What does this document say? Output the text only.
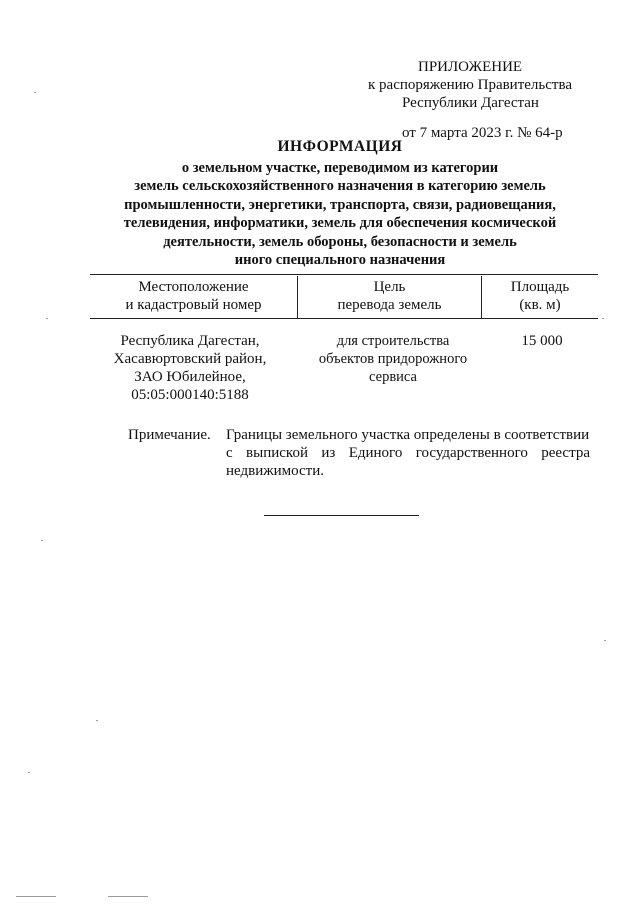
ПРИЛОЖЕНИЕ
к распоряжению Правительства
Республики Дагестан
от 7 марта 2023 г. № 64-р
ИНФОРМАЦИЯ
о земельном участке, переводимом из категории
земель сельскохозяйственного назначения в категорию земель
промышленности, энергетики, транспорта, связи, радиовещания,
телевидения, информатики, земель для обеспечения космической
деятельности, земель обороны, безопасности и земель
иного специального назначения
Местоположение
и кадастровый номер
Цель
перевода земель
Площадь
(кв. м)
Республика Дагестан,
Хасавюртовский район,
ЗАО Юбилейное,
05:05:000140:5188
для строительства
объектов придорожного
сервиса
15 000
Примечание. Границы земельного участка определены в соответствии
с выпиской из Единого государственного реестра
недвижимости.
